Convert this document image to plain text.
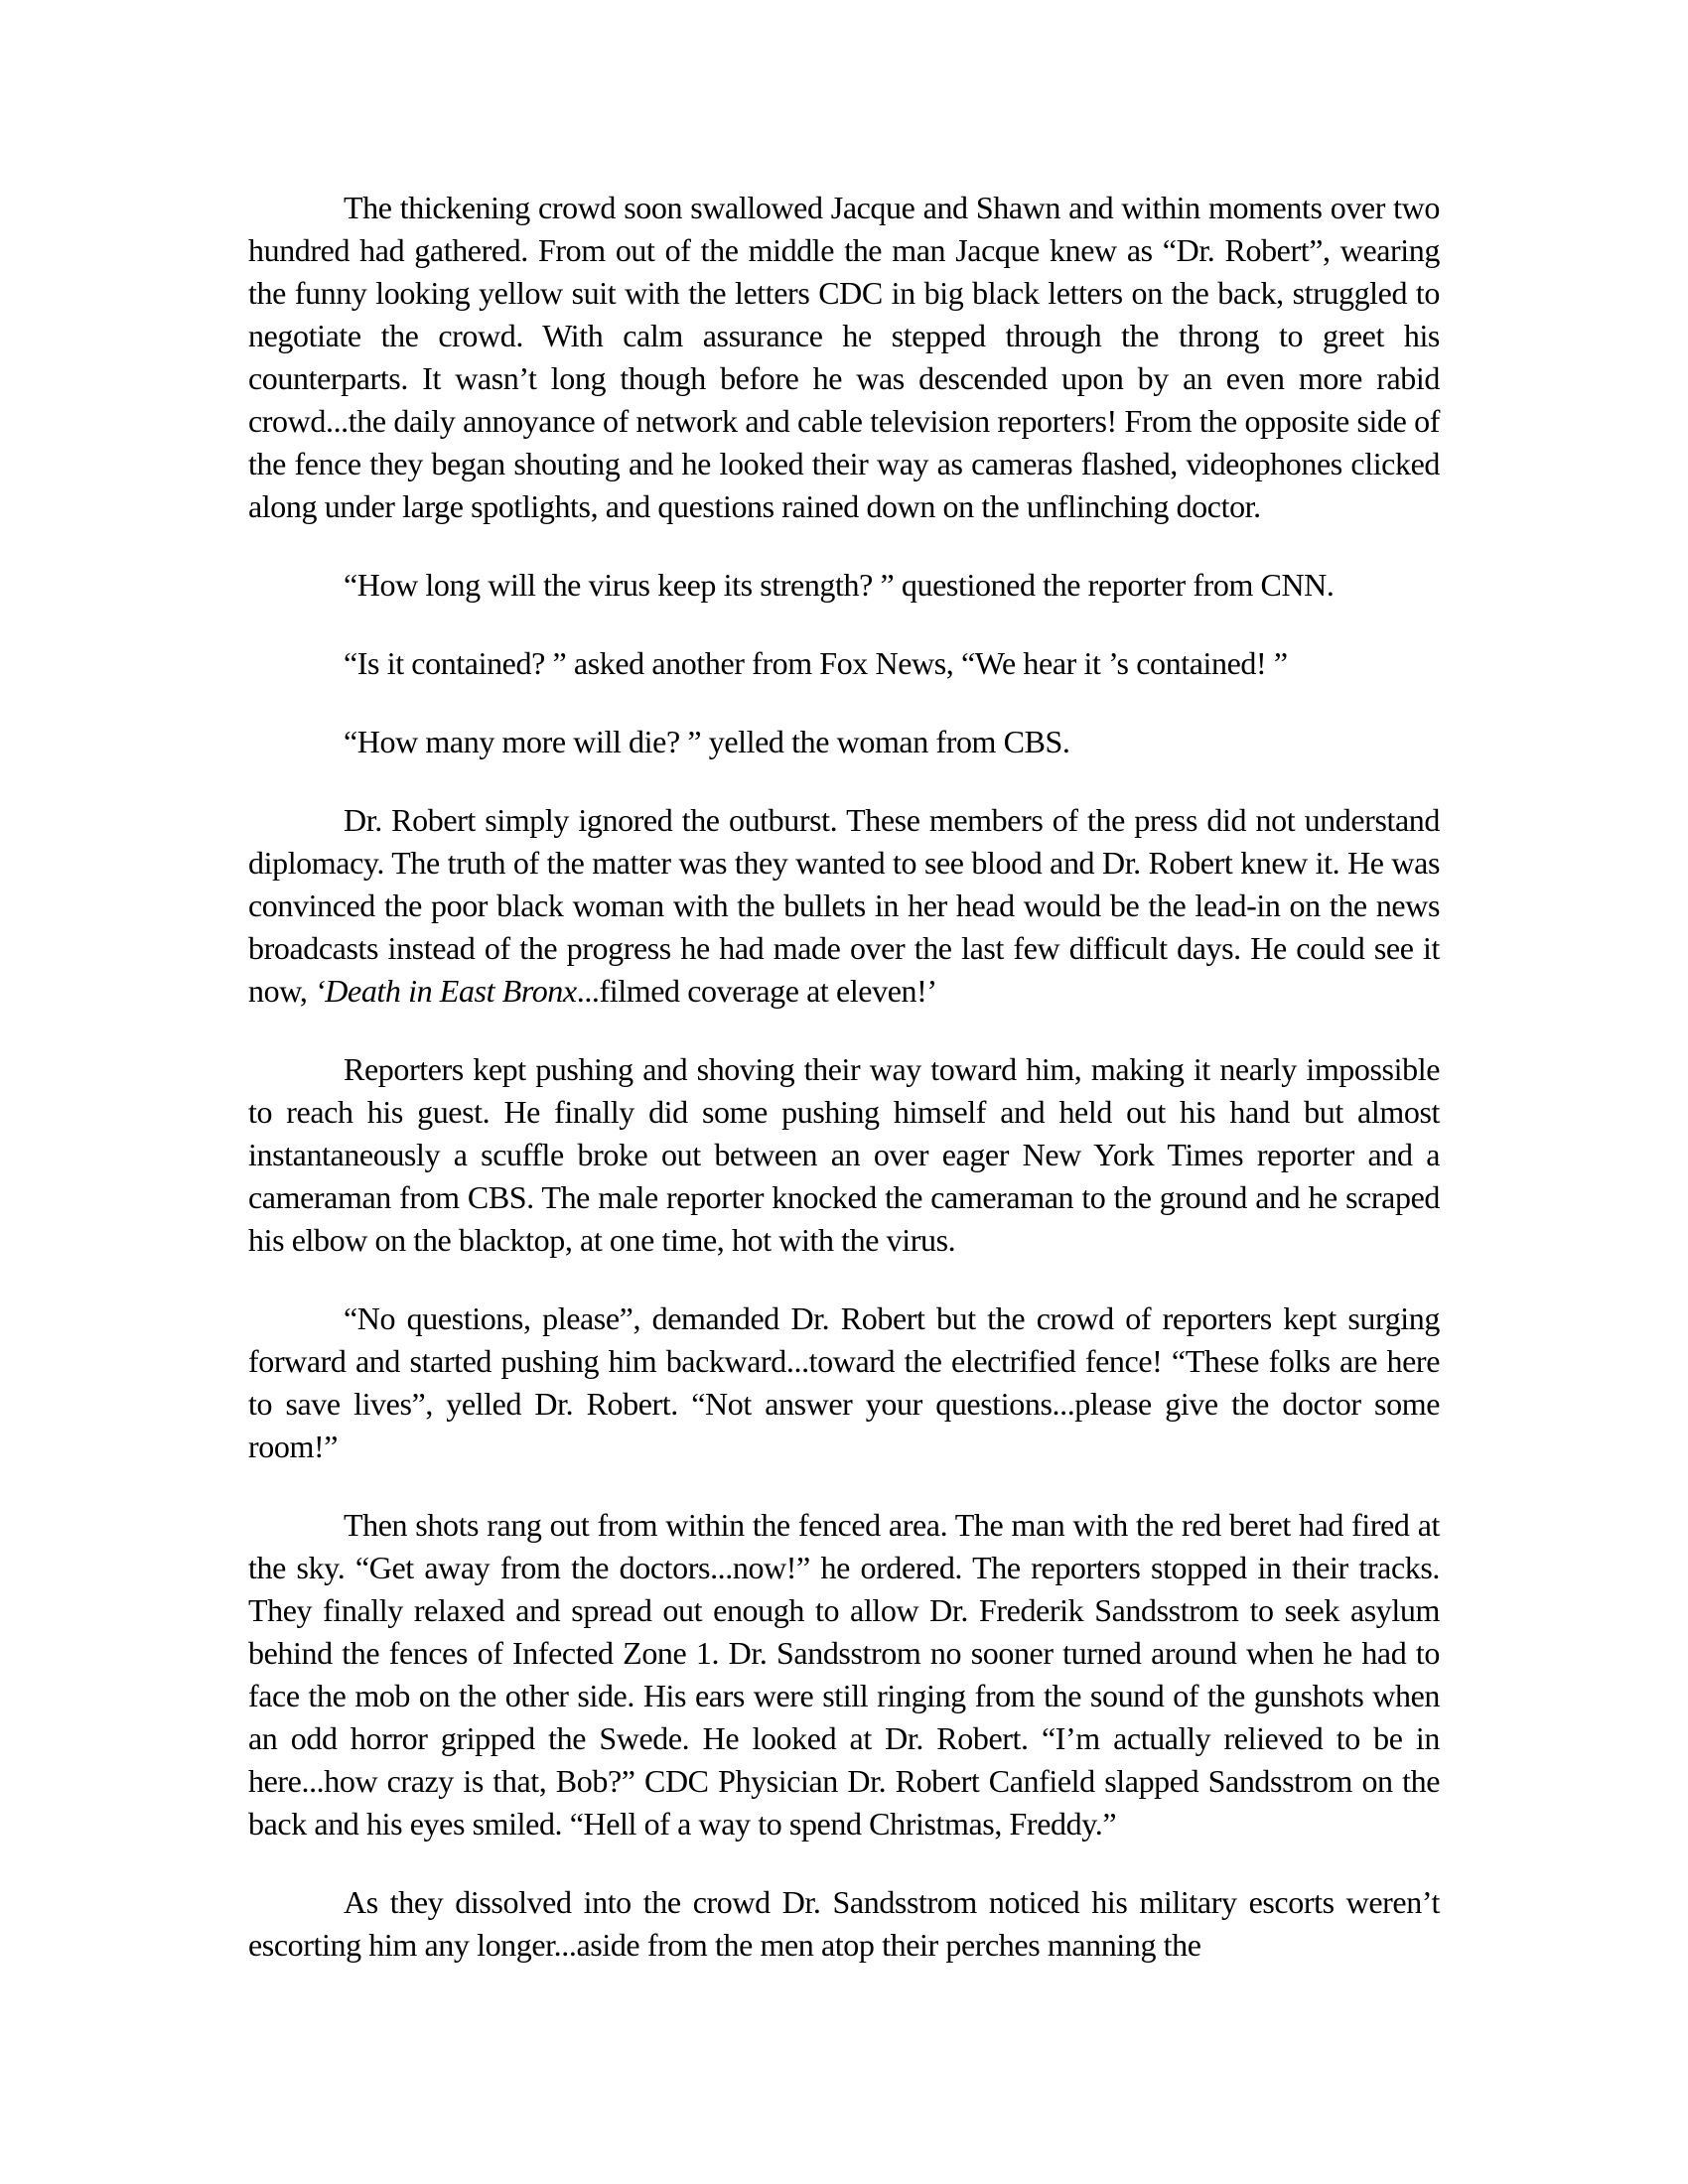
The thickening crowd soon swallowed Jacque and Shawn and within moments over two hundred had gathered. From out of the middle the man Jacque knew as “Dr. Robert”, wearing the funny looking yellow suit with the letters CDC in big black letters on the back, struggled to negotiate the crowd. With calm assurance he stepped through the throng to greet his counterparts. It wasn’t long though before he was descended upon by an even more rabid crowd...the daily annoyance of network and cable television reporters! From the opposite side of the fence they began shouting and he looked their way as cameras flashed, videophones clicked along under large spotlights, and questions rained down on the unflinching doctor.

“How long will the virus keep its strength? ” questioned the reporter from CNN.

“Is it contained? ” asked another from Fox News, “We hear it ’s contained! ”

“How many more will die? ” yelled the woman from CBS.

Dr. Robert simply ignored the outburst. These members of the press did not understand diplomacy. The truth of the matter was they wanted to see blood and Dr. Robert knew it. He was convinced the poor black woman with the bullets in her head would be the lead-in on the news broadcasts instead of the progress he had made over the last few difficult days. He could see it now, ‘Death in East Bronx...filmed coverage at eleven!’

Reporters kept pushing and shoving their way toward him, making it nearly impossible to reach his guest. He finally did some pushing himself and held out his hand but almost instantaneously a scuffle broke out between an over eager New York Times reporter and a cameraman from CBS. The male reporter knocked the cameraman to the ground and he scraped his elbow on the blacktop, at one time, hot with the virus.

“No questions, please”, demanded Dr. Robert but the crowd of reporters kept surging forward and started pushing him backward...toward the electrified fence! “These folks are here to save lives”, yelled Dr. Robert. “Not answer your questions...please give the doctor some room!”

Then shots rang out from within the fenced area. The man with the red beret had fired at the sky. “Get away from the doctors...now!” he ordered. The reporters stopped in their tracks. They finally relaxed and spread out enough to allow Dr. Frederik Sandsstrom to seek asylum behind the fences of Infected Zone 1. Dr. Sandsstrom no sooner turned around when he had to face the mob on the other side. His ears were still ringing from the sound of the gunshots when an odd horror gripped the Swede. He looked at Dr. Robert. “I’m actually relieved to be in here...how crazy is that, Bob?” CDC Physician Dr. Robert Canfield slapped Sandsstrom on the back and his eyes smiled. “Hell of a way to spend Christmas, Freddy.”

As they dissolved into the crowd Dr. Sandsstrom noticed his military escorts weren’t escorting him any longer...aside from the men atop their perches manning the
